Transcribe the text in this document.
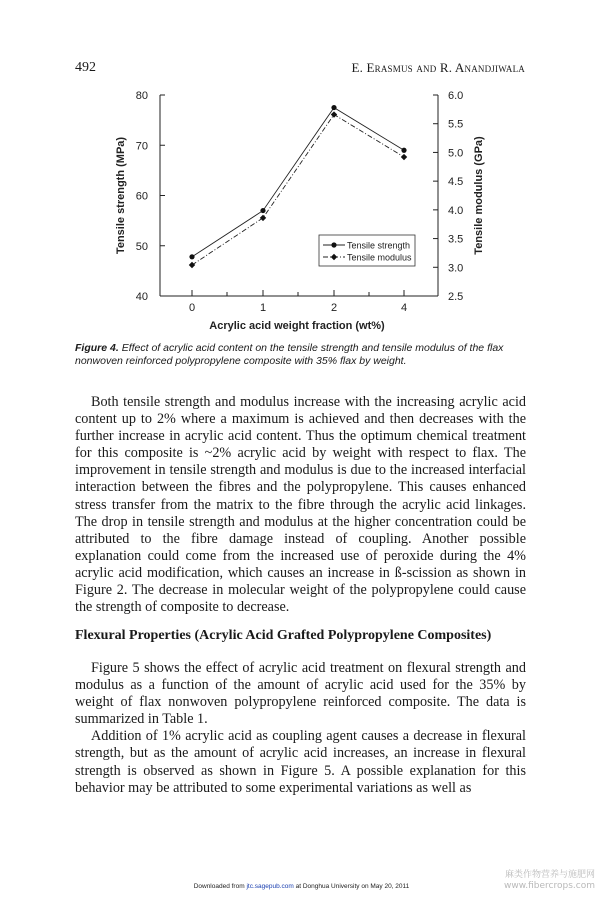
492	E. Erasmus and R. Anandjiwala
40
50
60
70
80
2.5
3.0
3.5
4.0
4.5
5.0
5.5
6.0
0	1	2	4
Acrylic acid weight fraction (wt%)
Tensile strength (MPa)	Tensile modulus (GPa)
Tensile strength
Tensile modulus
Figure 4. Effect of acrylic acid content on the tensile strength and tensile modulus of the flax nonwoven reinforced polypropylene composite with 35% flax by weight.

Both tensile strength and modulus increase with the increasing acrylic acid content up to 2% where a maximum is achieved and then decreases with the further increase in acrylic acid content. Thus the optimum chemical treatment for this composite is ~2% acrylic acid by weight with respect to flax. The improvement in tensile strength and modulus is due to the increased interfacial interaction between the fibres and the polypropylene. This causes enhanced stress transfer from the matrix to the fibre through the acrylic acid linkages. The drop in tensile strength and modulus at the higher concentration could be attributed to the fibre damage instead of coupling. Another possible explanation could come from the increased use of peroxide during the 4% acrylic acid modification, which causes an increase in ß-scission as shown in Figure 2. The decrease in molecular weight of the polypropylene could cause the strength of composite to decrease.

Flexural Properties (Acrylic Acid Grafted Polypropylene Composites)

Figure 5 shows the effect of acrylic acid treatment on flexural strength and modulus as a function of the amount of acrylic acid used for the 35% by weight of flax nonwoven polypropylene reinforced composite. The data is summarized in Table 1.

Addition of 1% acrylic acid as coupling agent causes a decrease in flexural strength, but as the amount of acrylic acid increases, an increase in flexural strength is observed as shown in Figure 5. A possible explanation for this behavior may be attributed to some experimental variations as well as

Downloaded from jtc.sagepub.com at Donghua University on May 20, 2011
麻类作物营养与施肥网
www.fibercrops.com
